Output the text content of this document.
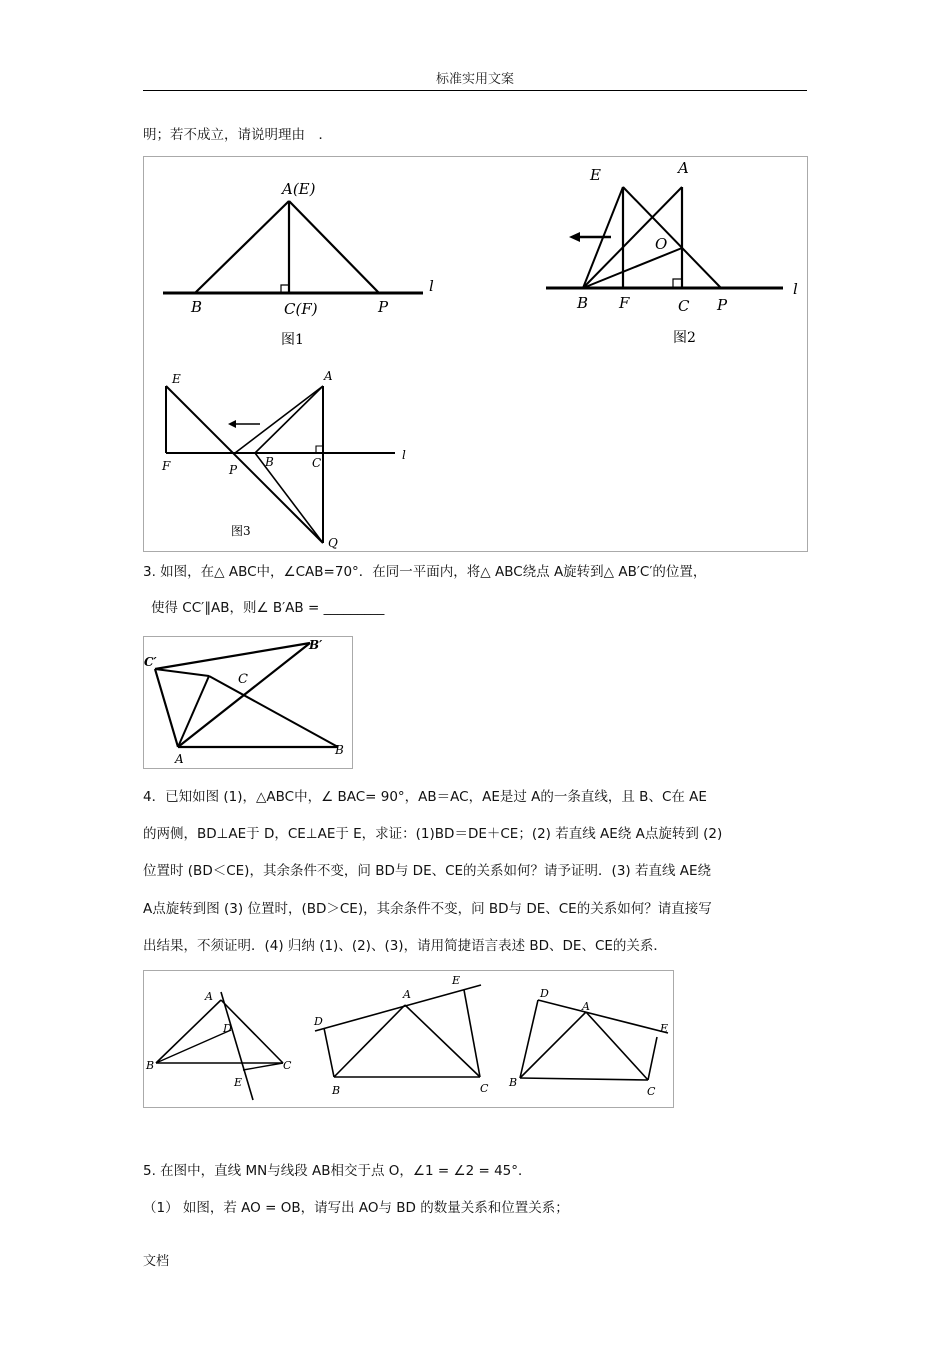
标准实用文案
明；若不成立，请说明理由　．
A(E)
B	C(F)	P
l
图1
E	A
O
B F	C P
l
图2
E	A
F	P
B	C
l
Q
图3
3. 如图，在△ ABC中，∠CAB=70°．在同一平面内，将△ ABC绕点 A旋转到△ AB′C′的位置，
使得 CC′∥AB，则∠ B′AB = _________
C′
B′
C
A
B
4．已知如图 (1)，△ABC中，∠ BAC= 90°，AB＝AC，AE是过 A的一条直线，且 B、C在 AE
的两侧，BD⊥AE于 D，CE⊥AE于 E，求证：(1)BD＝DE＋CE；(2) 若直线 AE绕 A点旋转到 (2)
位置时 (BD＜CE)，其余条件不变，问 BD与 DE、CE的关系如何？请予证明．(3) 若直线 AE绕
A点旋转到图 (3) 位置时，(BD＞CE)，其余条件不变，问 BD与 DE、CE的关系如何？请直接写
出结果，不须证明．(4) 归纳 (1)、(2)、(3)，请用简捷语言表述 BD、DE、CE的关系．
A
D
B	C
E
D
A
E
B	C
D
A
E
B
C
5. 在图中，直线 MN与线段 AB相交于点 O，∠1 = ∠2 = 45°．
（1） 如图，若 AO = OB，请写出 AO与 BD 的数量关系和位置关系；
文档
